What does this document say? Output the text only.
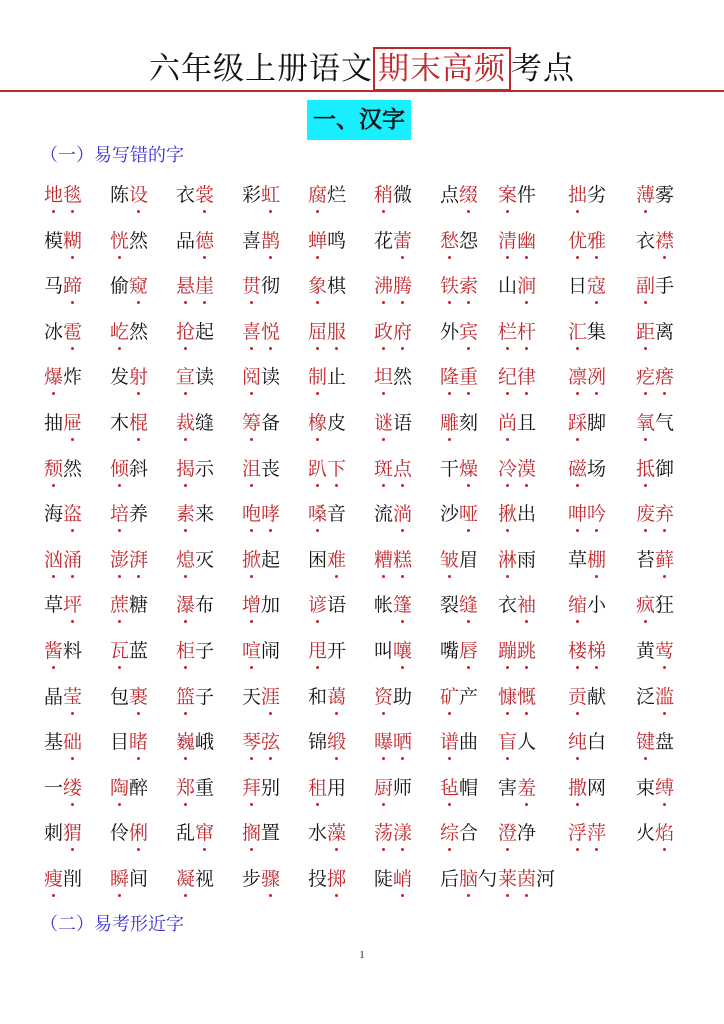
六年级上册语文 期末高频 考点
一、汉字
（一）易写错的字
地毯 陈设 衣裳 彩虹 腐烂 稍微 点缀 案件 拙劣 薄雾
模糊 恍然 品德 喜鹊 蝉鸣 花蕾 愁怨 清幽 优雅 衣襟
马蹄 偷窥 悬崖 贯彻 象棋 沸腾 铁索 山涧 日寇 副手
冰雹 屹然 抢起 喜悦 屈服 政府 外宾 栏杆 汇集 距离
爆炸 发射 宣读 阅读 制止 坦然 隆重 纪律 凛冽 疙瘩
抽屉 木棍 裁缝 筹备 橡皮 谜语 雕刻 尚且 踩脚 氧气
颓然 倾斜 揭示 沮丧 趴下 斑点 干燥 冷漠 磁场 抵御
海盗 培养 素来 咆哮 嗓音 流淌 沙哑 揪出 呻吟 废弃
汹涌 澎湃 熄灭 掀起 困难 糟糕 皱眉 淋雨 草棚 苔藓
草坪 蔗糖 瀑布 增加 谚语 帐篷 裂缝 衣袖 缩小 疯狂
酱料 瓦蓝 柜子 喧闹 甩开 叫嚷 嘴唇 蹦跳 楼梯 黄莺
晶莹 包裹 篮子 天涯 和蔼 资助 矿产 慷慨 贡献 泛滥
基础 目睹 巍峨 琴弦 锦缎 曝晒 谱曲 盲人 纯白 键盘
一缕 陶醉 郑重 拜别 租用 厨师 毡帽 害羞 撒网 束缚
刺猬 伶俐 乱窜 搁置 水藻 荡漾 综合 澄净 浮萍 火焰
瘦削 瞬间 凝视 步骤 投掷 陡峭 后脑勺 莱茵河
（二）易考形近字
1
